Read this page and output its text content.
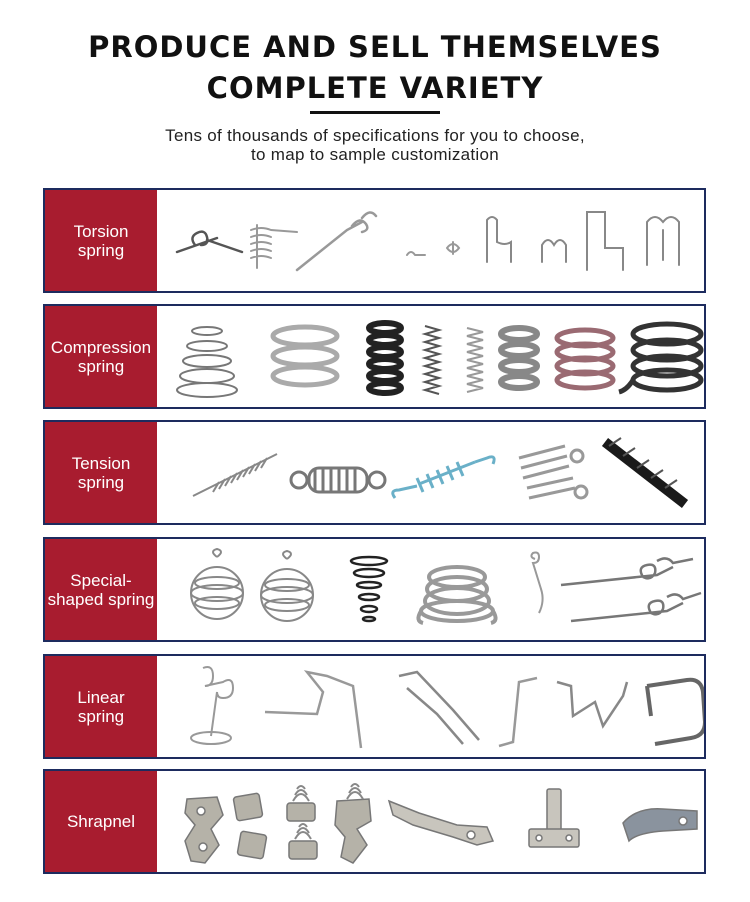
PRODUCE AND SELL THEMSELVES
COMPLETE VARIETY
Tens of thousands of specifications for you to choose,
to map to sample customization
Torsion
spring
Compression
spring
Tension
spring
Special-
shaped spring
Linear
spring
Shrapnel
